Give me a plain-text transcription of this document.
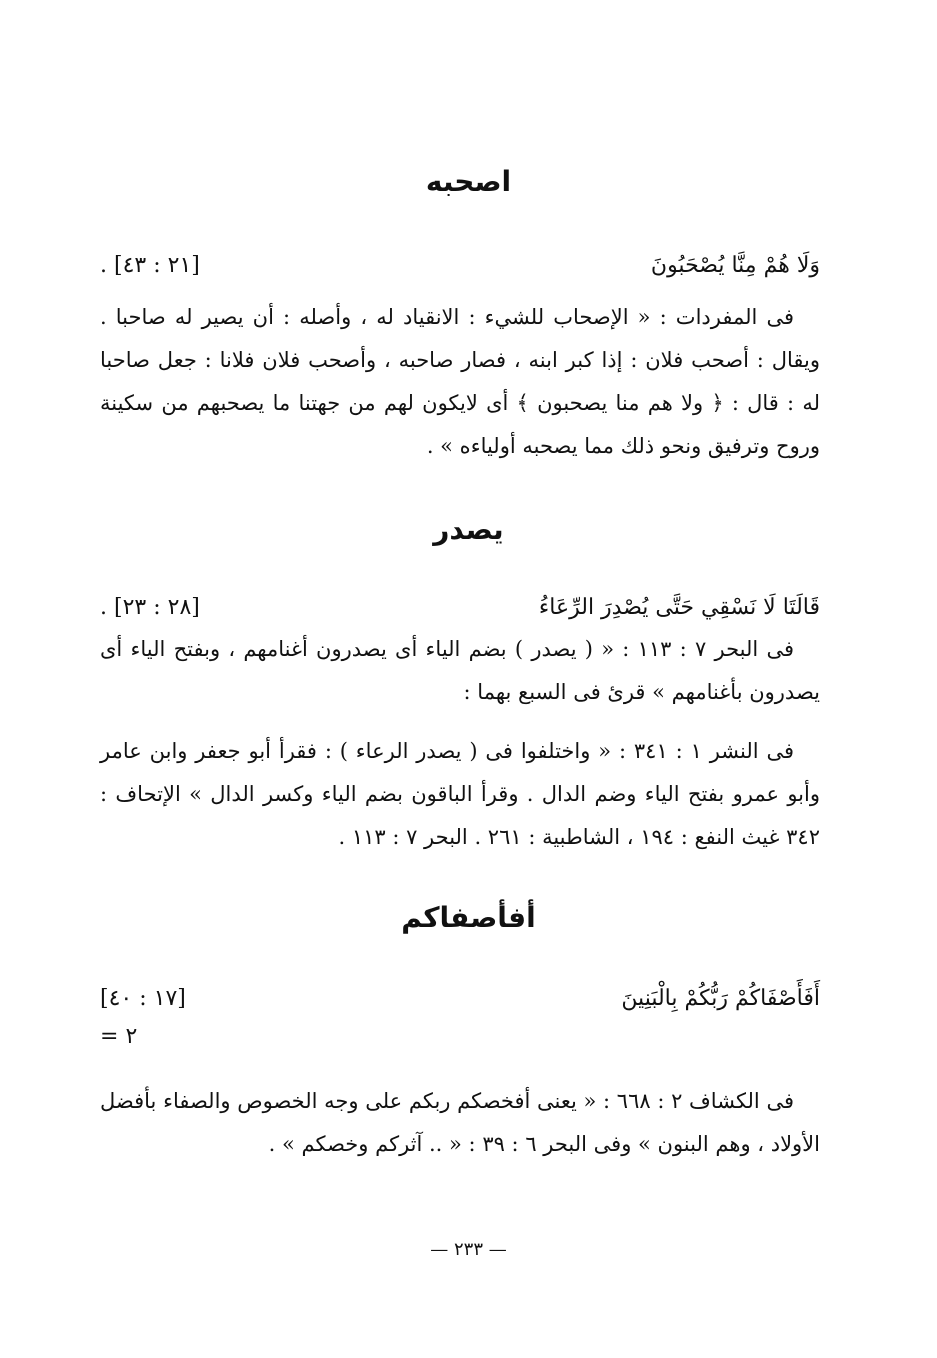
اصحبه
وَلَا هُمْ مِنَّا يُصْحَبُونَ
[٢١ : ٤٣] .

فى المفردات : « الإصحاب للشيء : الانقياد له ، وأصله : أن يصير له صاحبا . ويقال : أصحب فلان : إذا كبر ابنه ، فصار صاحبه ، وأصحب فلان فلانا : جعل صاحبا له : قال : ﴿ ولا هم منا يصحبون ﴾ أى لايكون لهم من جهتنا ما يصحبهم من سكينة وروح وترفيق ونحو ذلك مما يصحبه أولياءه » .

يصدر
قَالَتَا لَا نَسْقِي حَتَّى يُصْدِرَ الرِّعَاءُ
[٢٨ : ٢٣] .

فى البحر ٧ : ١١٣ : « ( يصدر ) بضم الياء أى يصدرون أغنامهم ، وبفتح الياء أى يصدرون بأغنامهم » قرئ فى السبع بهما :

فى النشر ١ : ٣٤١ : « واختلفوا فى ( يصدر الرعاء ) : فقرأ أبو جعفر وابن عامر وأبو عمرو بفتح الياء وضم الدال . وقرأ الباقون بضم الياء وكسر الدال » الإتحاف : ٣٤٢ غيث النفع : ١٩٤ ، الشاطبية : ٢٦١ . البحر ٧ : ١١٣ .

أفأصفاكم
أَفَأَصْفَاكُمْ رَبُّكُمْ بِالْبَنِينَ
[١٧ : ٤٠]
٢ =

فى الكشاف ٢ : ٦٦٨ : « يعنى أفخصكم ربكم على وجه الخصوص والصفاء بأفضل الأولاد ، وهم البنون » وفى البحر ٦ : ٣٩ : « .. آثركم وخصكم » .

— ٢٣٣ —
